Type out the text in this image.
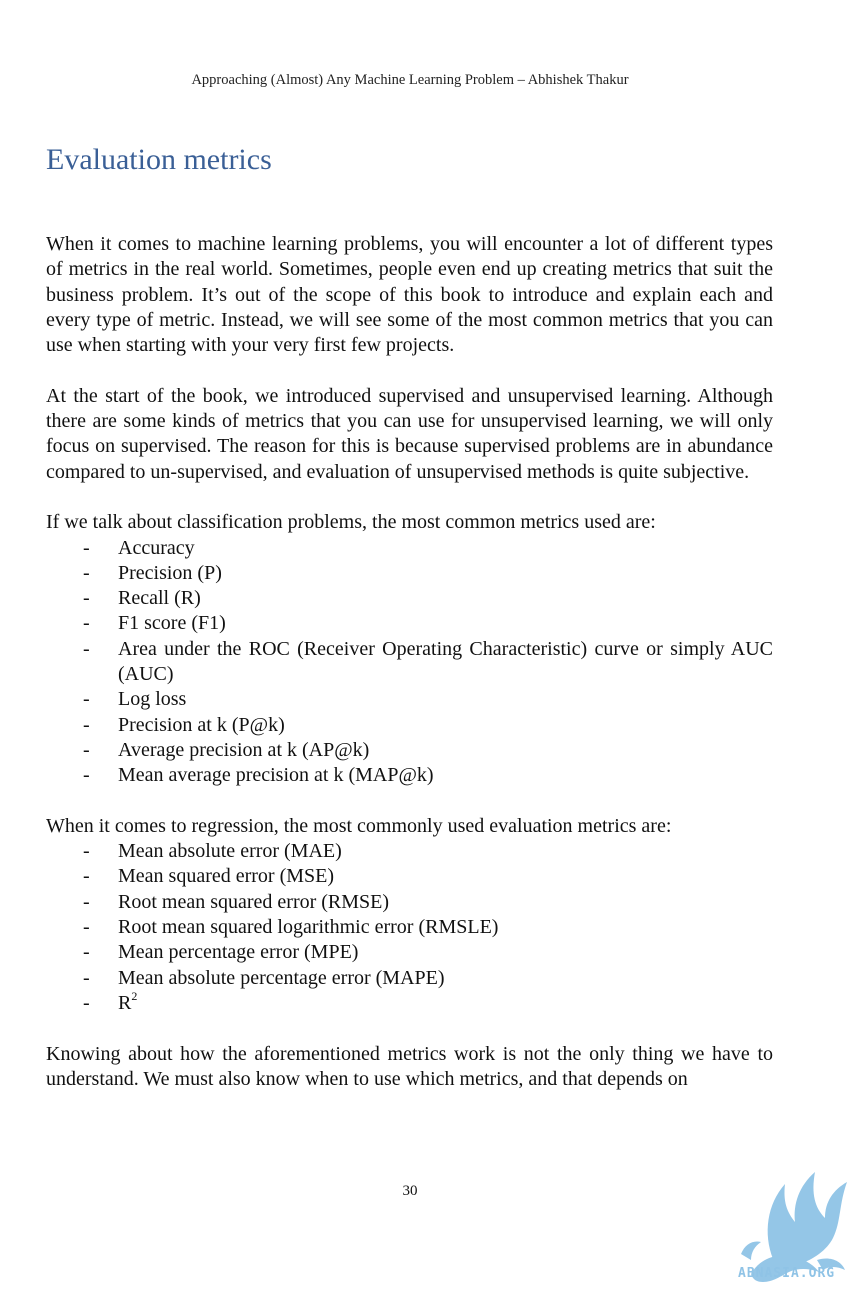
Approaching (Almost) Any Machine Learning Problem – Abhishek Thakur
Evaluation metrics

When it comes to machine learning problems, you will encounter a lot of different types of metrics in the real world. Sometimes, people even end up creating metrics that suit the business problem. It’s out of the scope of this book to introduce and explain each and every type of metric. Instead, we will see some of the most common metrics that you can use when starting with your very first few projects.

At the start of the book, we introduced supervised and unsupervised learning. Although there are some kinds of metrics that you can use for unsupervised learning, we will only focus on supervised. The reason for this is because supervised problems are in abundance compared to un-supervised, and evaluation of unsupervised methods is quite subjective.

If we talk about classification problems, the most common metrics used are:

- Accuracy
- Precision (P)
- Recall (R)
- F1 score (F1)
- Area under the ROC (Receiver Operating Characteristic) curve or simply AUC (AUC)
- Log loss
- Precision at k (P@k)
- Average precision at k (AP@k)
- Mean average precision at k (MAP@k)

When it comes to regression, the most commonly used evaluation metrics are:

- Mean absolute error (MAE)
- Mean squared error (MSE)
- Root mean squared error (RMSE)
- Root mean squared logarithmic error (RMSLE)
- Mean percentage error (MPE)
- Mean absolute percentage error (MAPE)
- $R^2$

Knowing about how the aforementioned metrics work is not the only thing we have to understand. We must also know when to use which metrics, and that depends on

30
ABNASIA.ORG
